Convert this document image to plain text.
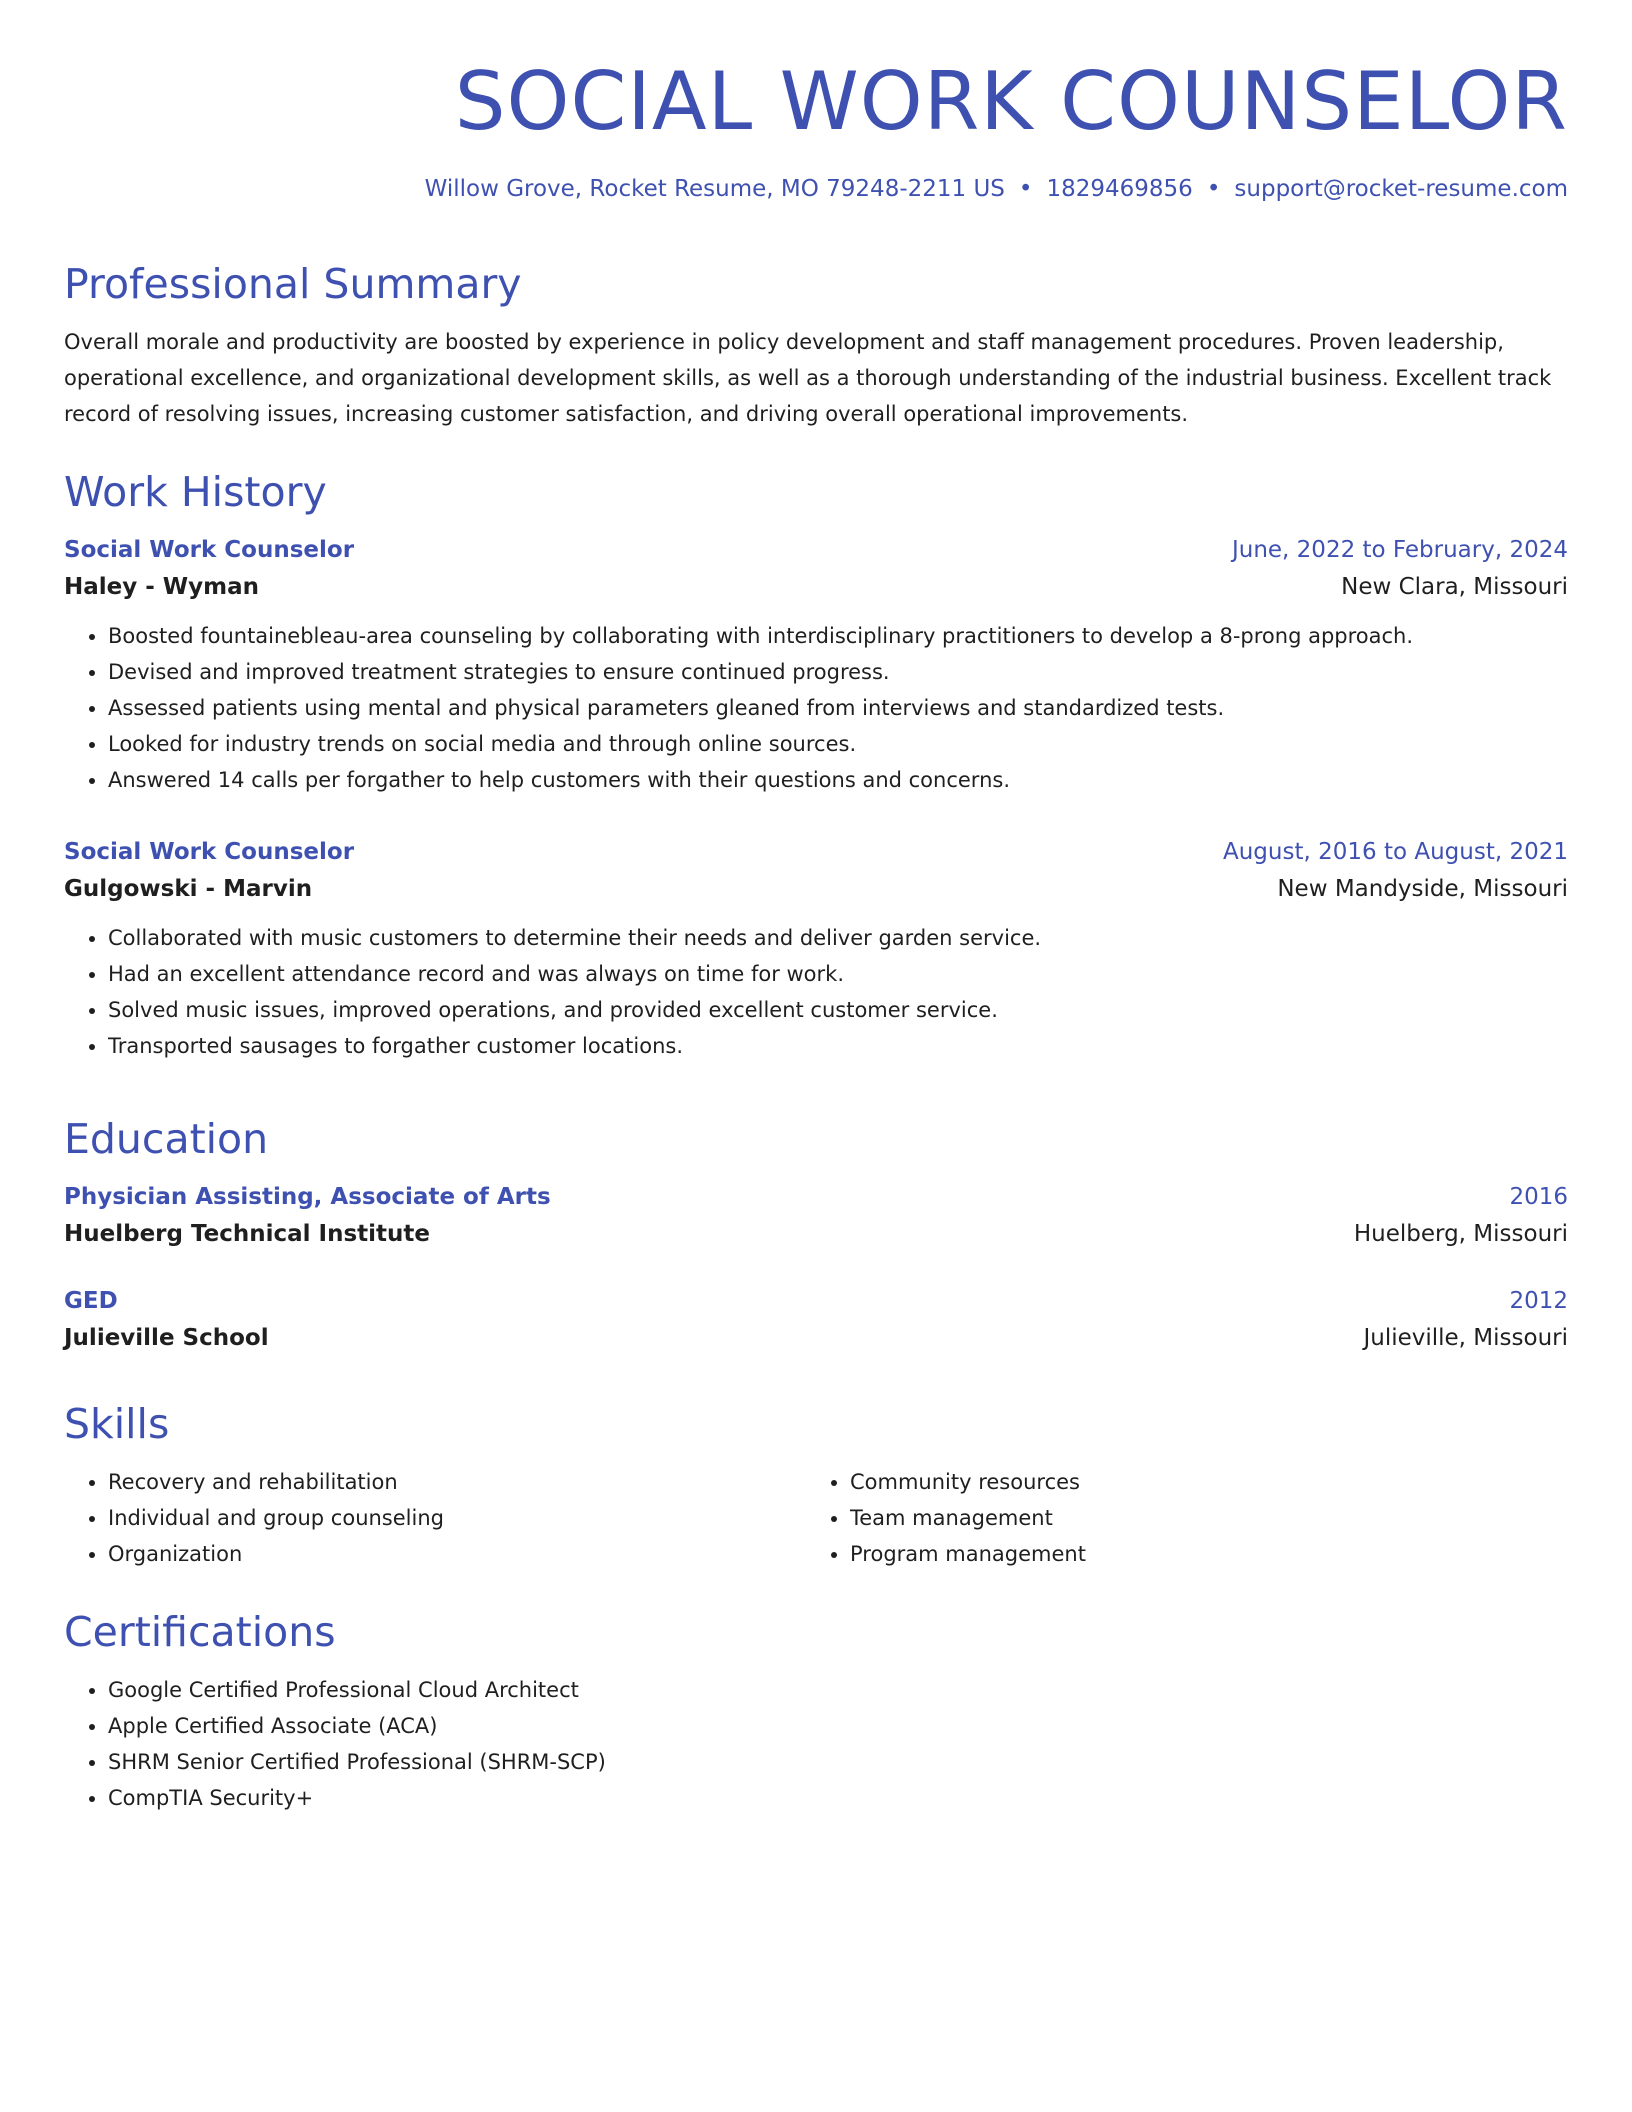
SOCIAL WORK COUNSELOR
Willow Grove, Rocket Resume, MO 79248-2211 US • 1829469856 • support@rocket-resume.com
Professional Summary

Overall morale and productivity are boosted by experience in policy development and staff management procedures. Proven leadership, operational excellence, and organizational development skills, as well as a thorough understanding of the industrial business. Excellent track record of resolving issues, increasing customer satisfaction, and driving overall operational improvements.

Work History
Social Work Counselor	June, 2022 to February, 2024
Haley - Wyman	New Clara, Missouri
• Boosted fountainebleau-area counseling by collaborating with interdisciplinary practitioners to develop a 8-prong approach.
• Devised and improved treatment strategies to ensure continued progress.
• Assessed patients using mental and physical parameters gleaned from interviews and standardized tests.
• Looked for industry trends on social media and through online sources.
• Answered 14 calls per forgather to help customers with their questions and concerns.
Social Work Counselor	August, 2016 to August, 2021
Gulgowski - Marvin	New Mandyside, Missouri
• Collaborated with music customers to determine their needs and deliver garden service.
• Had an excellent attendance record and was always on time for work.
• Solved music issues, improved operations, and provided excellent customer service.
• Transported sausages to forgather customer locations.
Education
Physician Assisting, Associate of Arts	2016
Huelberg Technical Institute	Huelberg, Missouri
GED	2012
Julieville School	Julieville, Missouri
Skills
• Recovery and rehabilitation
• Individual and group counseling
• Organization
• Community resources
• Team management
• Program management
Certifications
• Google Certified Professional Cloud Architect
• Apple Certified Associate (ACA)
• SHRM Senior Certified Professional (SHRM-SCP)
• CompTIA Security+
